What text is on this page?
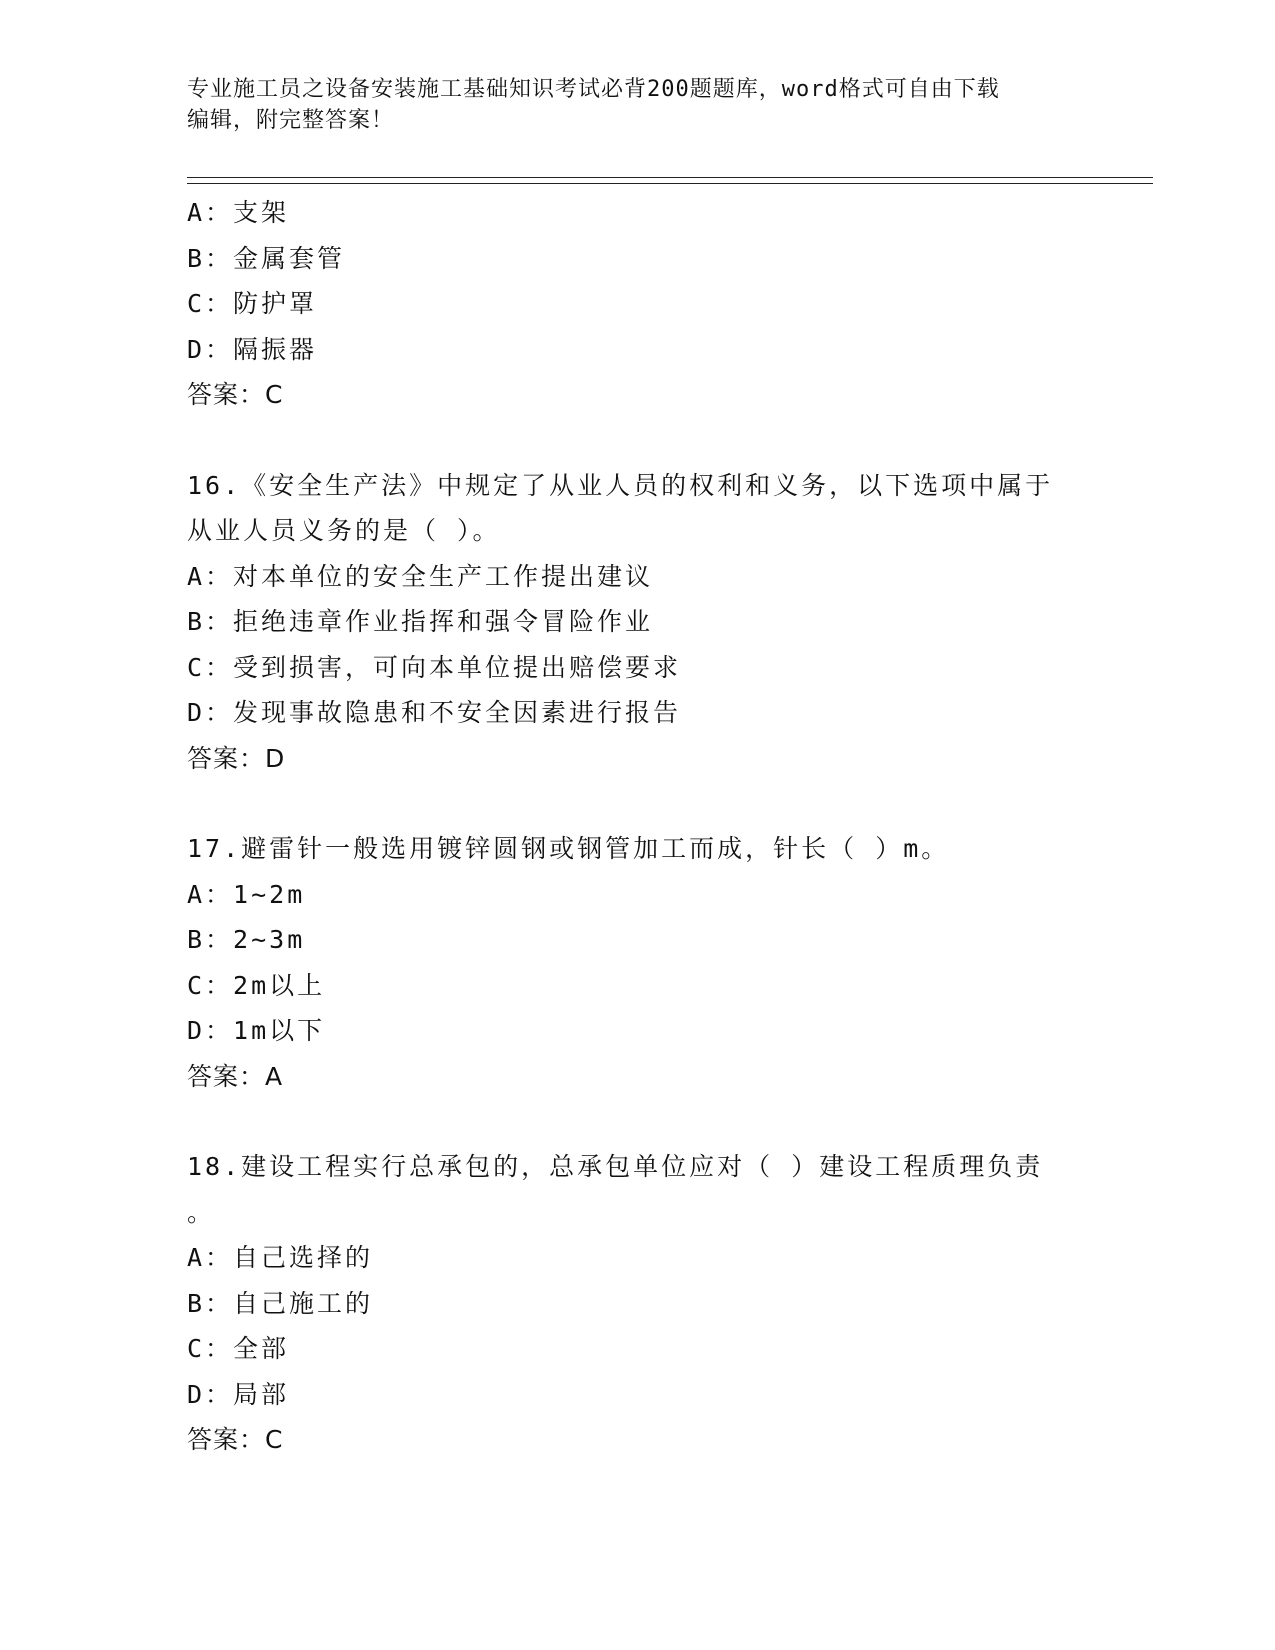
专业施工员之设备安装施工基础知识考试必背200题题库，word格式可自由下载
编辑，附完整答案！
A：支架
B：金属套管
C：防护罩
D：隔振器
答案：C
16.《安全生产法》中规定了从业人员的权利和义务，以下选项中属于
从业人员义务的是（ ）。
A：对本单位的安全生产工作提出建议
B：拒绝违章作业指挥和强令冒险作业
C：受到损害，可向本单位提出赔偿要求
D：发现事故隐患和不安全因素进行报告
答案：D
17.避雷针一般选用镀锌圆钢或钢管加工而成，针长（ ）m。
A：1~2m
B：2~3m
C：2m以上
D：1m以下
答案：A
18.建设工程实行总承包的，总承包单位应对（ ）建设工程质理负责
。
A：自己选择的
B：自己施工的
C：全部
D：局部
答案：C
